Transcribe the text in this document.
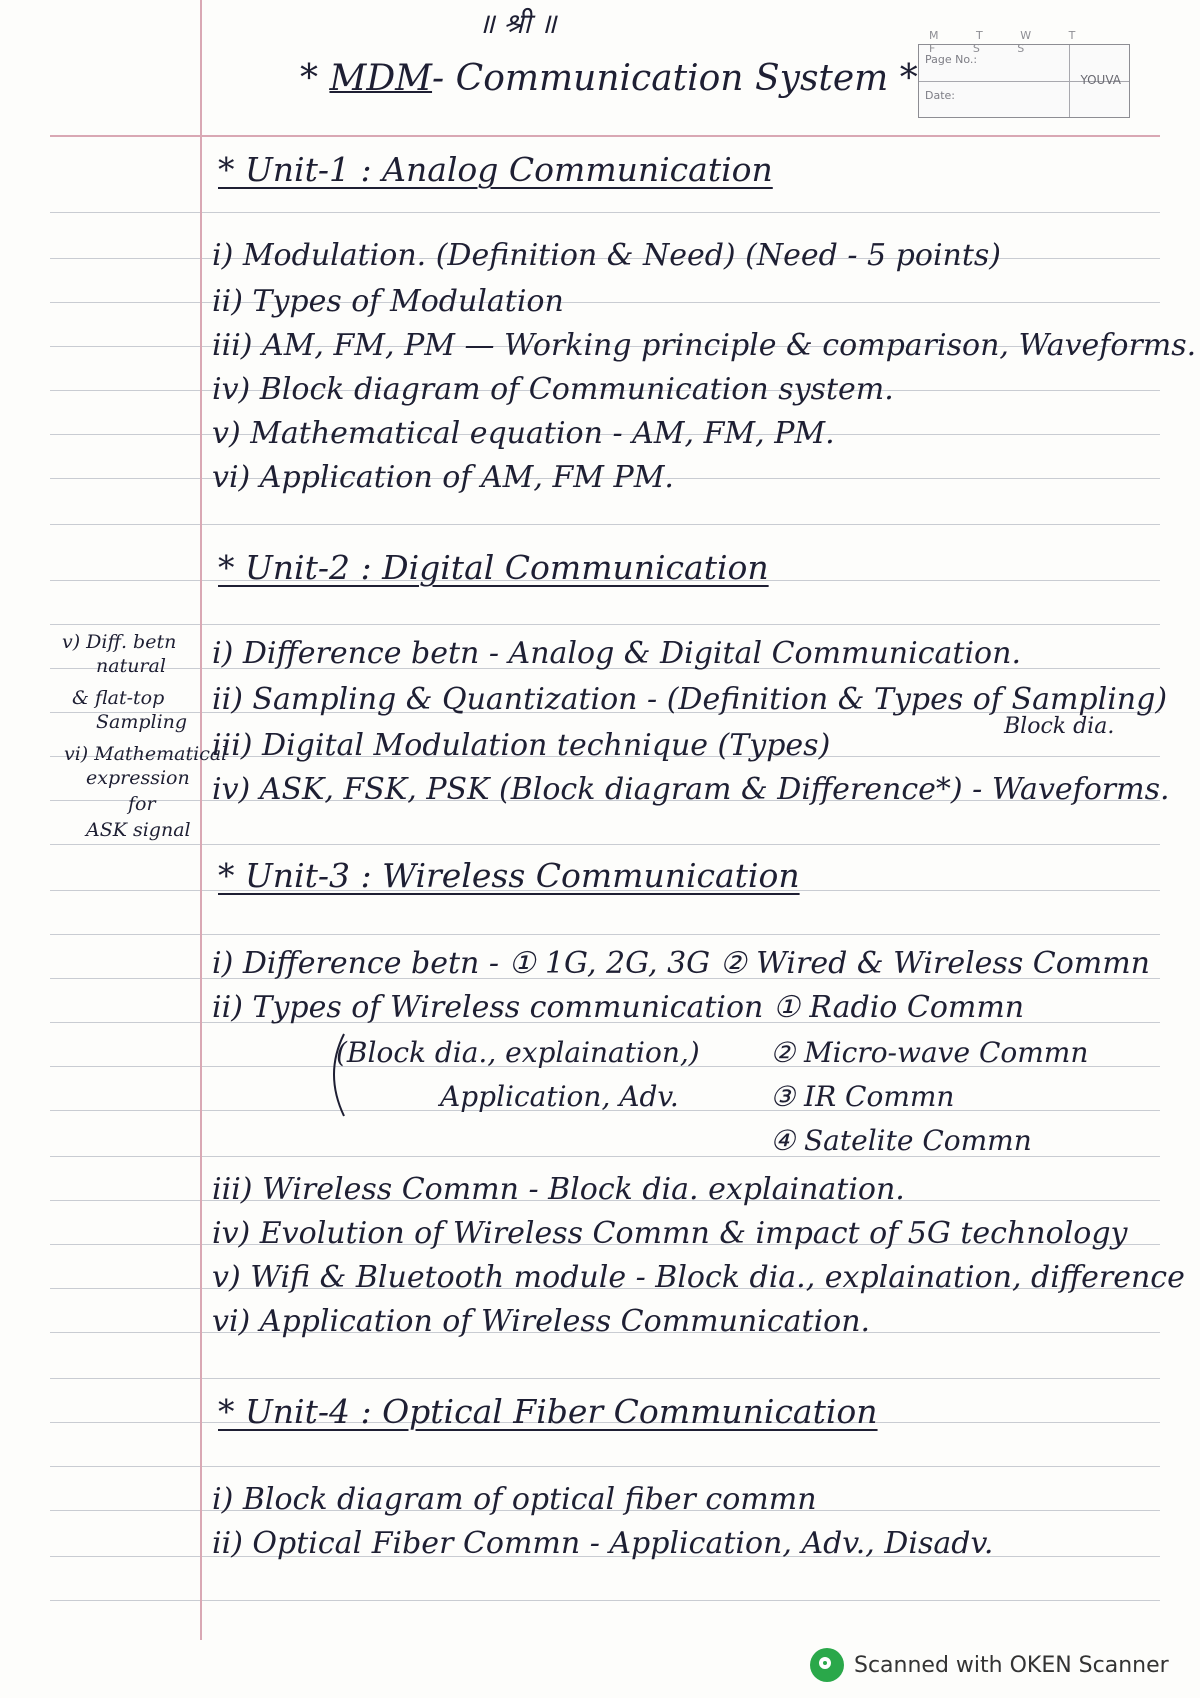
॥ श्री ॥
* MDM- Communication System *
M T W T F S S
Page No.:
Date:
YOUVA
* Unit-1 : Analog Communication
i) Modulation. (Definition & Need) (Need - 5 points)
ii) Types of Modulation
iii) AM, FM, PM — Working principle & comparison, Waveforms.
iv) Block diagram of Communication system.
v) Mathematical equation - AM, FM, PM.
vi) Application of AM, FM PM.
* Unit-2 : Digital Communication
i) Difference betn - Analog & Digital Communication.
ii) Sampling & Quantization - (Definition & Types of Sampling)
Block dia.
iii) Digital Modulation technique (Types)
iv) ASK, FSK, PSK (Block diagram & Difference*) - Waveforms.
v) Diff. betn
natural
& flat-top
Sampling
vi) Mathematical
expression
for
ASK signal
* Unit-3 : Wireless Communication
i) Difference betn - ① 1G, 2G, 3G ② Wired & Wireless Commn
ii) Types of Wireless communication ① Radio Commn
(Block dia., explaination,)
Application, Adv.
② Micro-wave Commn
③ IR Commn
④ Satelite Commn
iii) Wireless Commn - Block dia. explaination.
iv) Evolution of Wireless Commn & impact of 5G technology
v) Wifi & Bluetooth module - Block dia., explaination, difference
vi) Application of Wireless Communication.
* Unit-4 : Optical Fiber Communication
i) Block diagram of optical fiber commn
ii) Optical Fiber Commn - Application, Adv., Disadv.
Scanned with OKEN Scanner
